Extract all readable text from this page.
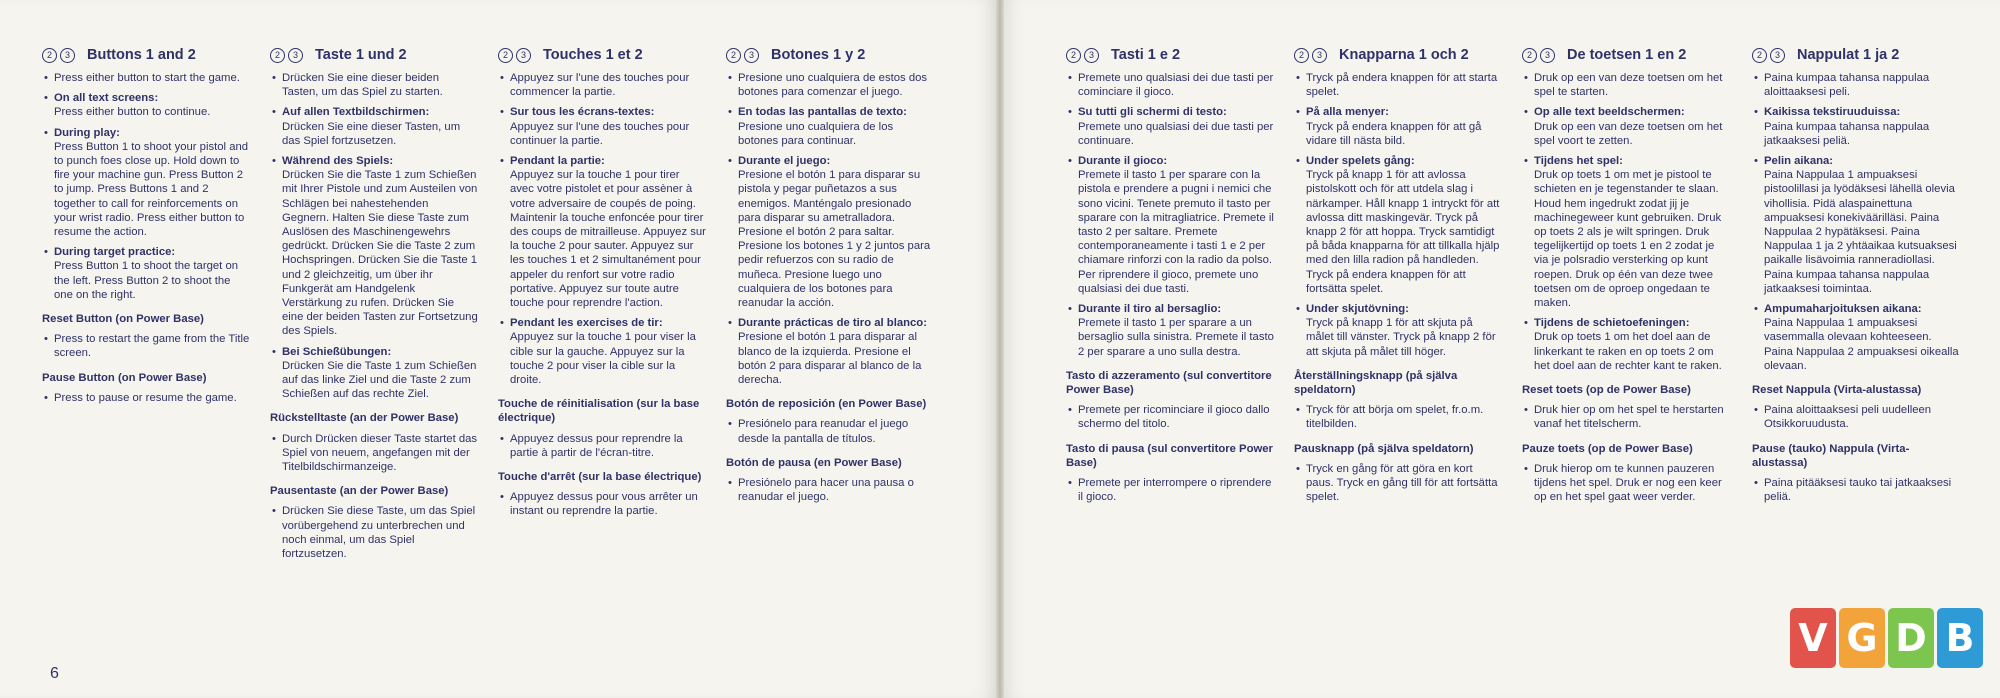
2	3	Buttons 1 and 2
• Press either button to start the game.
• On all text screens:
Press either button to continue.
• During play:
Press Button 1 to shoot your pistol and to punch foes close up. Hold down to fire your machine gun. Press Button 2 to jump. Press Buttons 1 and 2 together to call for reinforcements on your wrist radio. Press either button to resume the action.
• During target practice:
Press Button 1 to shoot the target on the left. Press Button 2 to shoot the one on the right.
Reset Button (on Power Base)
• Press to restart the game from the Title screen.
Pause Button (on Power Base)
• Press to pause or resume the game.
2	3	Taste 1 und 2
• Drücken Sie eine dieser beiden Tasten, um das Spiel zu starten.
• Auf allen Textbildschirmen:
Drücken Sie eine dieser Tasten, um das Spiel fortzusetzen.
• Während des Spiels:
Drücken Sie die Taste 1 zum Schießen mit Ihrer Pistole und zum Austeilen von Schlägen bei nahestehenden Gegnern. Halten Sie diese Taste zum Auslösen des Maschinengewehrs gedrückt. Drücken Sie die Taste 2 zum Hochspringen. Drücken Sie die Taste 1 und 2 gleichzeitig, um über ihr Funkgerät am Handgelenk Verstärkung zu rufen. Drücken Sie eine der beiden Tasten zur Fortsetzung des Spiels.
• Bei Schießübungen:
Drücken Sie die Taste 1 zum Schießen auf das linke Ziel und die Taste 2 zum Schießen auf das rechte Ziel.
Rückstelltaste (an der Power Base)
• Durch Drücken dieser Taste startet das Spiel von neuem, angefangen mit der Titelbildschirmanzeige.
Pausentaste (an der Power Base)
• Drücken Sie diese Taste, um das Spiel vorübergehend zu unterbrechen und noch einmal, um das Spiel fortzusetzen.
2	3	Touches 1 et 2
• Appuyez sur l'une des touches pour commencer la partie.
• Sur tous les écrans-textes:
Appuyez sur l'une des touches pour continuer la partie.
• Pendant la partie:
Appuyez sur la touche 1 pour tirer avec votre pistolet et pour assèner à votre adversaire de coupés de poing. Maintenir la touche enfoncée pour tirer des coups de mitrailleuse. Appuyez sur la touche 2 pour sauter. Appuyez sur les touches 1 et 2 simultanément pour appeler du renfort sur votre radio portative. Appuyez sur toute autre touche pour reprendre l'action.
• Pendant les exercises de tir:
Appuyez sur la touche 1 pour viser la cible sur la gauche. Appuyez sur la touche 2 pour viser la cible sur la droite.
Touche de réinitialisation (sur la base électrique)
• Appuyez dessus pour reprendre la partie à partir de l'écran-titre.
Touche d'arrêt (sur la base électrique)
• Appuyez dessus pour vous arrêter un instant ou reprendre la partie.
2	3	Botones 1 y 2
• Presione uno cualquiera de estos dos botones para comenzar el juego.
• En todas las pantallas de texto:
Presione uno cualquiera de los botones para continuar.
• Durante el juego:
Presione el botón 1 para disparar su pistola y pegar puñetazos a sus enemigos. Manténgalo presionado para disparar su ametralladora. Presione el botón 2 para saltar. Presione los botones 1 y 2 juntos para pedir refuerzos con su radio de muñeca. Presione luego uno cualquiera de los botones para reanudar la acción.
• Durante prácticas de tiro al blanco:
Presione el botón 1 para disparar al blanco de la izquierda. Presione el botón 2 para disparar al blanco de la derecha.
Botón de reposición (en Power Base)
• Presiónelo para reanudar el juego desde la pantalla de títulos.
Botón de pausa (en Power Base)
• Presiónelo para hacer una pausa o reanudar el juego.
2	3	Tasti 1 e 2
• Premete uno qualsiasi dei due tasti per cominciare il gioco.
• Su tutti gli schermi di testo:
Premete uno qualsiasi dei due tasti per continuare.
• Durante il gioco:
Premete il tasto 1 per sparare con la pistola e prendere a pugni i nemici che sono vicini. Tenete premuto il tasto per sparare con la mitragliatrice. Premete il tasto 2 per saltare. Premete contemporaneamente i tasti 1 e 2 per chiamare rinforzi con la radio da polso. Per riprendere il gioco, premete uno qualsiasi dei due tasti.
• Durante il tiro al bersaglio:
Premete il tasto 1 per sparare a un bersaglio sulla sinistra. Premete il tasto 2 per sparare a uno sulla destra.
Tasto di azzeramento (sul convertitore Power Base)
• Premete per ricominciare il gioco dallo schermo del titolo.
Tasto di pausa (sul convertitore Power Base)
• Premete per interrompere o riprendere il gioco.
2	3	Knapparna 1 och 2
• Tryck på endera knappen för att starta spelet.
• På alla menyer:
Tryck på endera knappen för att gå vidare till nästa bild.
• Under spelets gång:
Tryck på knapp 1 för att avlossa pistolskott och för att utdela slag i närkamper. Håll knapp 1 intryckt för att avlossa ditt maskingevär. Tryck på knapp 2 för att hoppa. Tryck samtidigt på båda knapparna för att tillkalla hjälp med den lilla radion på handleden. Tryck på endera knappen för att fortsätta spelet.
• Under skjutövning:
Tryck på knapp 1 för att skjuta på målet till vänster. Tryck på knapp 2 för att skjuta på målet till höger.
Återställningsknapp (på själva speldatorn)
• Tryck för att börja om spelet, fr.o.m. titelbilden.
Pausknapp (på själva speldatorn)
• Tryck en gång för att göra en kort paus. Tryck en gång till för att fortsätta spelet.
2	3	De toetsen 1 en 2
• Druk op een van deze toetsen om het spel te starten.
• Op alle text beeldschermen:
Druk op een van deze toetsen om het spel voort te zetten.
• Tijdens het spel:
Druk op toets 1 om met je pistool te schieten en je tegenstander te slaan. Houd hem ingedrukt zodat jij je machinegeweer kunt gebruiken. Druk op toets 2 als je wilt springen. Druk tegelijkertijd op toets 1 en 2 zodat je via je polsradio versterking op kunt roepen. Druk op één van deze twee toetsen om de oproep ongedaan te maken.
• Tijdens de schietoefeningen:
Druk op toets 1 om het doel aan de linkerkant te raken en op toets 2 om het doel aan de rechter kant te raken.
Reset toets (op de Power Base)
• Druk hier op om het spel te herstarten vanaf het titelscherm.
Pauze toets (op de Power Base)
• Druk hierop om te kunnen pauzeren tijdens het spel. Druk er nog een keer op en het spel gaat weer verder.
2	3	Nappulat 1 ja 2
• Paina kumpaa tahansa nappulaa aloittaaksesi peli.
• Kaikissa tekstiruuduissa:
Paina kumpaa tahansa nappulaa jatkaaksesi peliä.
• Pelin aikana:
Paina Nappulaa 1 ampuaksesi pistoolillasi ja lyödäksesi lähellä olevia vihollisia. Pidä alaspainettuna ampuaksesi konekiväärilläsi. Paina Nappulaa 2 hypätäksesi. Paina Nappulaa 1 ja 2 yhtäaikaa kutsuaksesi paikalle lisävoimia ranneradiollasi. Paina kumpaa tahansa nappulaa jatkaaksesi toimintaa.
• Ampumaharjoituksen aikana:
Paina Nappulaa 1 ampuaksesi vasemmalla olevaan kohteeseen. Paina Nappulaa 2 ampuaksesi oikealla olevaan.
Reset Nappula (Virta-alustassa)
• Paina aloittaaksesi peli uudelleen Otsikkoruudusta.
Pause (tauko) Nappula (Virta-alustassa)
• Paina pitääksesi tauko tai jatkaaksesi peliä.
6
V G D B
